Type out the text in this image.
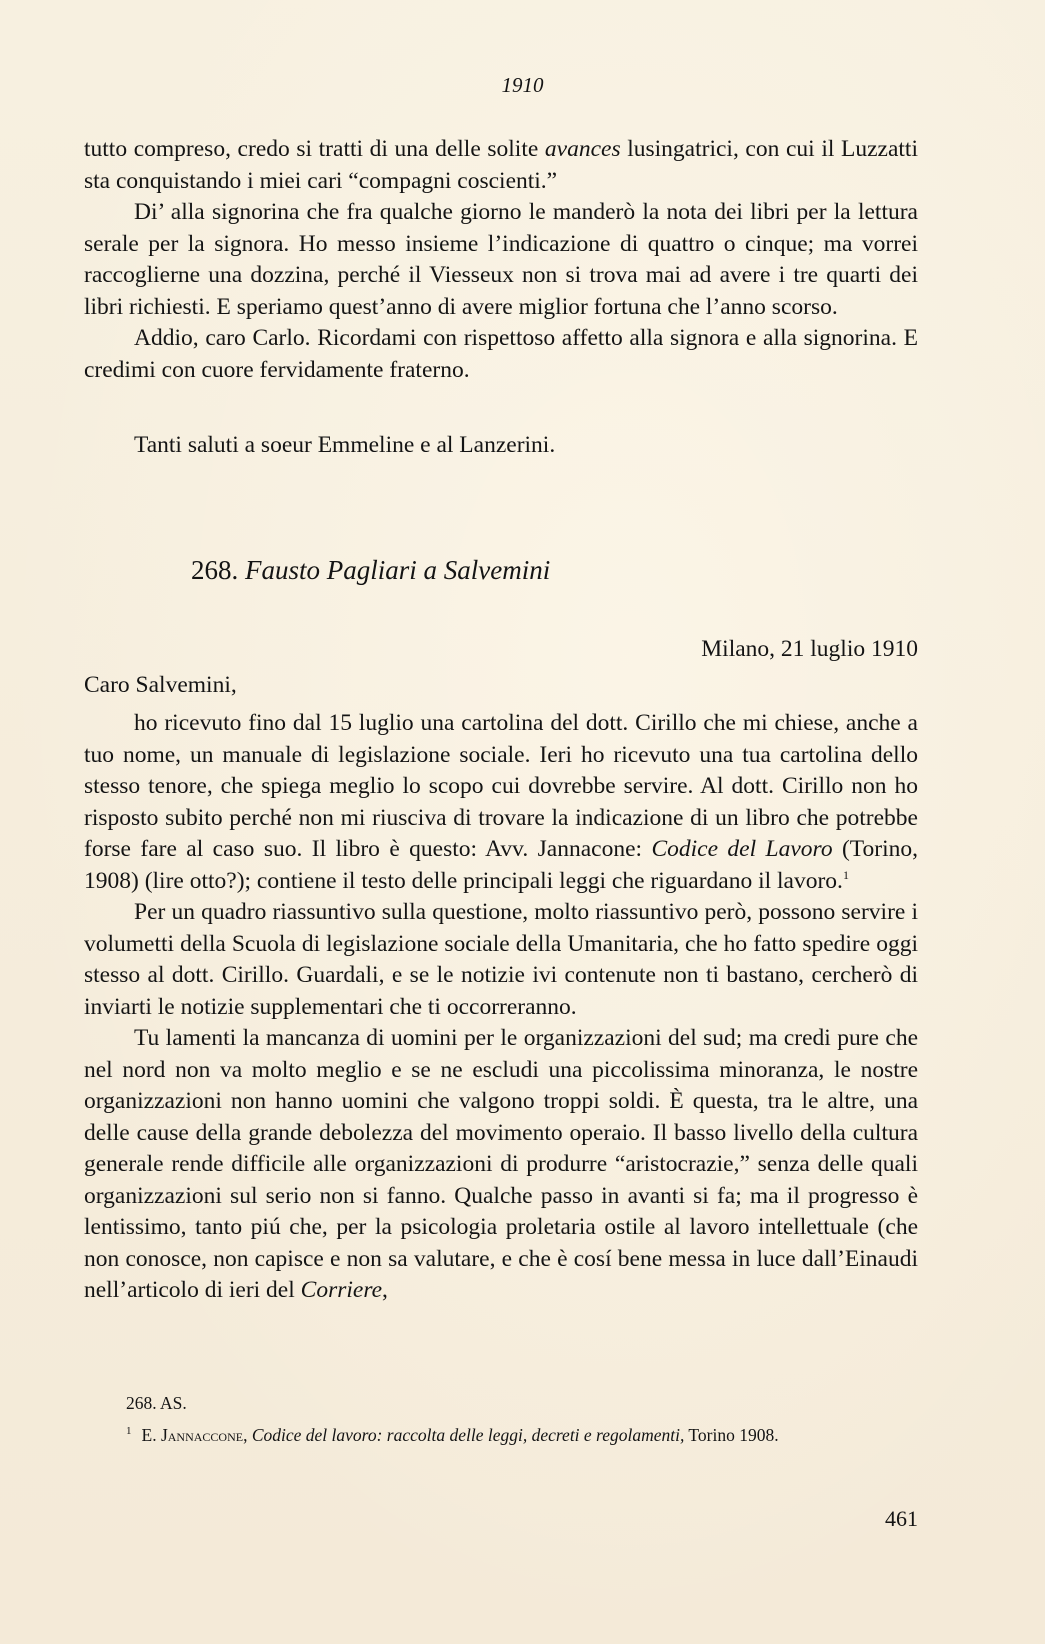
1910

tutto compreso, credo si tratti di una delle solite avances lusingatrici, con cui il Luzzatti sta conquistando i miei cari “compagni coscienti.”

Di’ alla signorina che fra qualche giorno le manderò la nota dei libri per la lettura serale per la signora. Ho messo insieme l’indicazione di quattro o cinque; ma vorrei raccoglierne una dozzina, perché il Viesseux non si trova mai ad avere i tre quarti dei libri richiesti. E speriamo quest’anno di avere miglior fortuna che l’anno scorso.

Addio, caro Carlo. Ricordami con rispettoso affetto alla signora e alla signorina. E credimi con cuore fervidamente fraterno.

Tanti saluti a soeur Emmeline e al Lanzerini.
268. Fausto Pagliari a Salvemini
Milano, 21 luglio 1910
Caro Salvemini,

ho ricevuto fino dal 15 luglio una cartolina del dott. Cirillo che mi chiese, anche a tuo nome, un manuale di legislazione sociale. Ieri ho ricevuto una tua cartolina dello stesso tenore, che spiega meglio lo scopo cui dovrebbe servire. Al dott. Cirillo non ho risposto subito perché non mi riusciva di trovare la indicazione di un libro che potrebbe forse fare al caso suo. Il libro è questo: Avv. Jannacone: Codice del Lavoro (Torino, 1908) (lire otto?); contiene il testo delle principali leggi che riguardano il lavoro.$^1$

Per un quadro riassuntivo sulla questione, molto riassuntivo però, possono servire i volumetti della Scuola di legislazione sociale della Umanitaria, che ho fatto spedire oggi stesso al dott. Cirillo. Guardali, e se le notizie ivi contenute non ti bastano, cercherò di inviarti le notizie supplementari che ti occorreranno.

Tu lamenti la mancanza di uomini per le organizzazioni del sud; ma credi pure che nel nord non va molto meglio e se ne escludi una piccolissima minoranza, le nostre organizzazioni non hanno uomini che valgono troppi soldi. È questa, tra le altre, una delle cause della grande debolezza del movimento operaio. Il basso livello della cultura generale rende difficile alle organizzazioni di produrre “aristocrazie,” senza delle quali organizzazioni sul serio non si fanno. Qualche passo in avanti si fa; ma il progresso è lentissimo, tanto piú che, per la psicologia proletaria ostile al lavoro intellettuale (che non conosce, non capisce e non sa valutare, e che è cosí bene messa in luce dall’Einaudi nell’articolo di ieri del Corriere,

268. AS.
$^1$ E. Jannaccone, Codice del lavoro: raccolta delle leggi, decreti e regolamenti, Torino 1908.
461
